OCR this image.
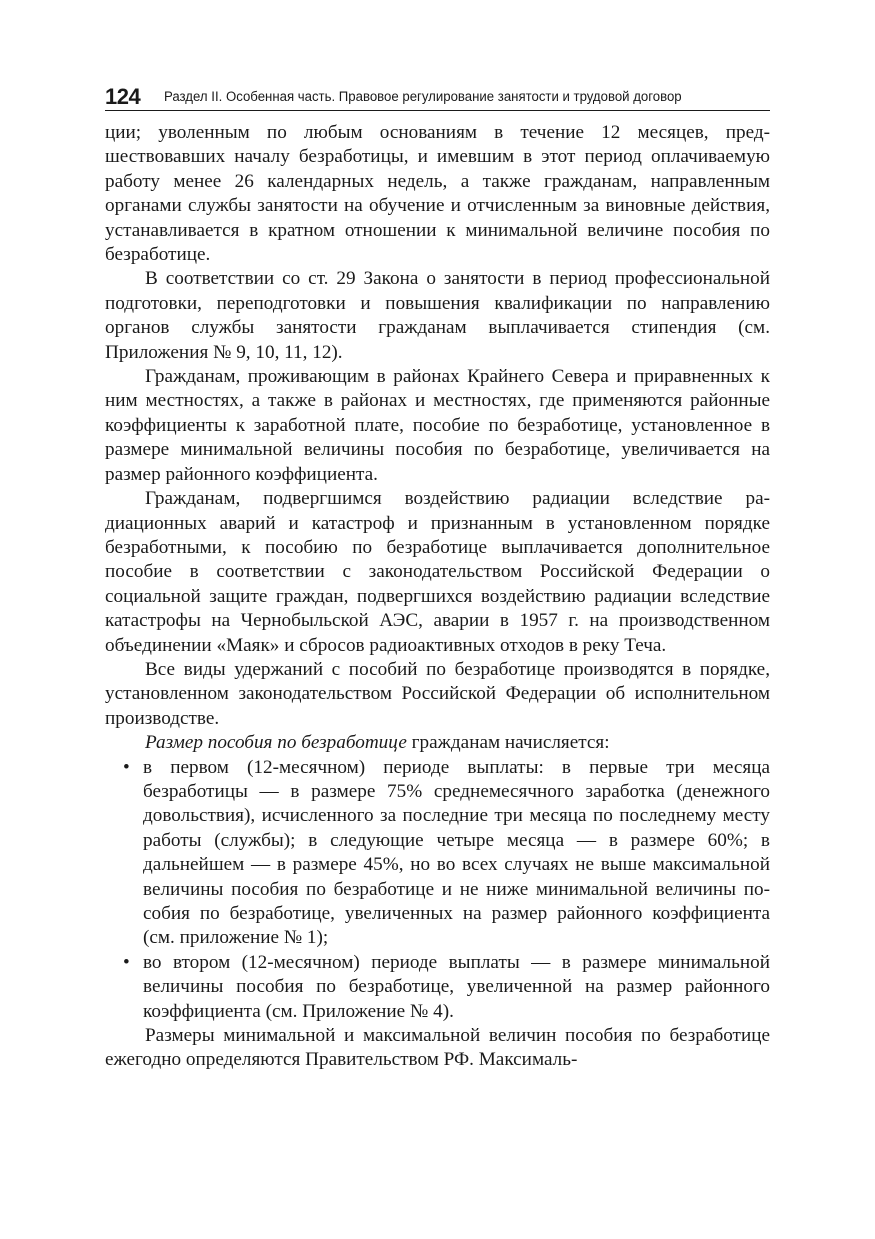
124 Раздел II. Особенная часть. Правовое регулирование занятости и трудовой договор

ции; уволенным по любым основаниям в течение 12 месяцев, предшествовавших началу безработицы, и имевшим в этот период оплачиваемую работу менее 26 календарных недель, а также гражданам, направленным органами службы занятости на обучение и отчисленным за виновные действия, устанавливается в кратном отношении к минимальной величине пособия по безработице.

В соответствии со ст. 29 Закона о занятости в период профессиональной подготовки, переподготовки и повышения квалификации по направлению органов службы занятости гражданам выплачивается стипендия (см. Приложения № 9, 10, 11, 12).

Гражданам, проживающим в районах Крайнего Севера и приравненных к ним местностях, а также в районах и местностях, где применяются районные коэффициенты к заработной плате, пособие по безработице, установленное в размере минимальной величины пособия по безработице, увеличивается на размер районного коэффициента.

Гражданам, подвергшимся воздействию радиации вследствие радиационных аварий и катастроф и признанным в установленном порядке безработными, к пособию по безработице выплачивается дополнительное пособие в соответствии с законодательством Российской Федерации о социальной защите граждан, подвергшихся воздействию радиации вследствие катастрофы на Чернобыльской АЭС, аварии в 1957 г. на производственном объединении «Маяк» и сбросов радиоактивных отходов в реку Теча.

Все виды удержаний с пособий по безработице производятся в порядке, установленном законодательством Российской Федерации об исполнительном производстве.

Размер пособия по безработице гражданам начисляется:

• в первом (12-месячном) периоде выплаты: в первые три месяца безработицы — в размере 75% среднемесячного заработка (денежного довольствия), исчисленного за последние три месяца по последнему месту работы (службы); в следующие четыре месяца — в размере 60%; в дальнейшем — в размере 45%, но во всех случаях не выше максимальной величины пособия по безработице и не ниже минимальной величины пособия по безработице, увеличенных на размер районного коэффициента (см. приложение № 1);
• во втором (12-месячном) периоде выплаты — в размере минимальной величины пособия по безработице, увеличенной на размер районного коэффициента (см. Приложение № 4).

Размеры минимальной и максимальной величин пособия по безработице ежегодно определяются Правительством РФ. Максималь-
